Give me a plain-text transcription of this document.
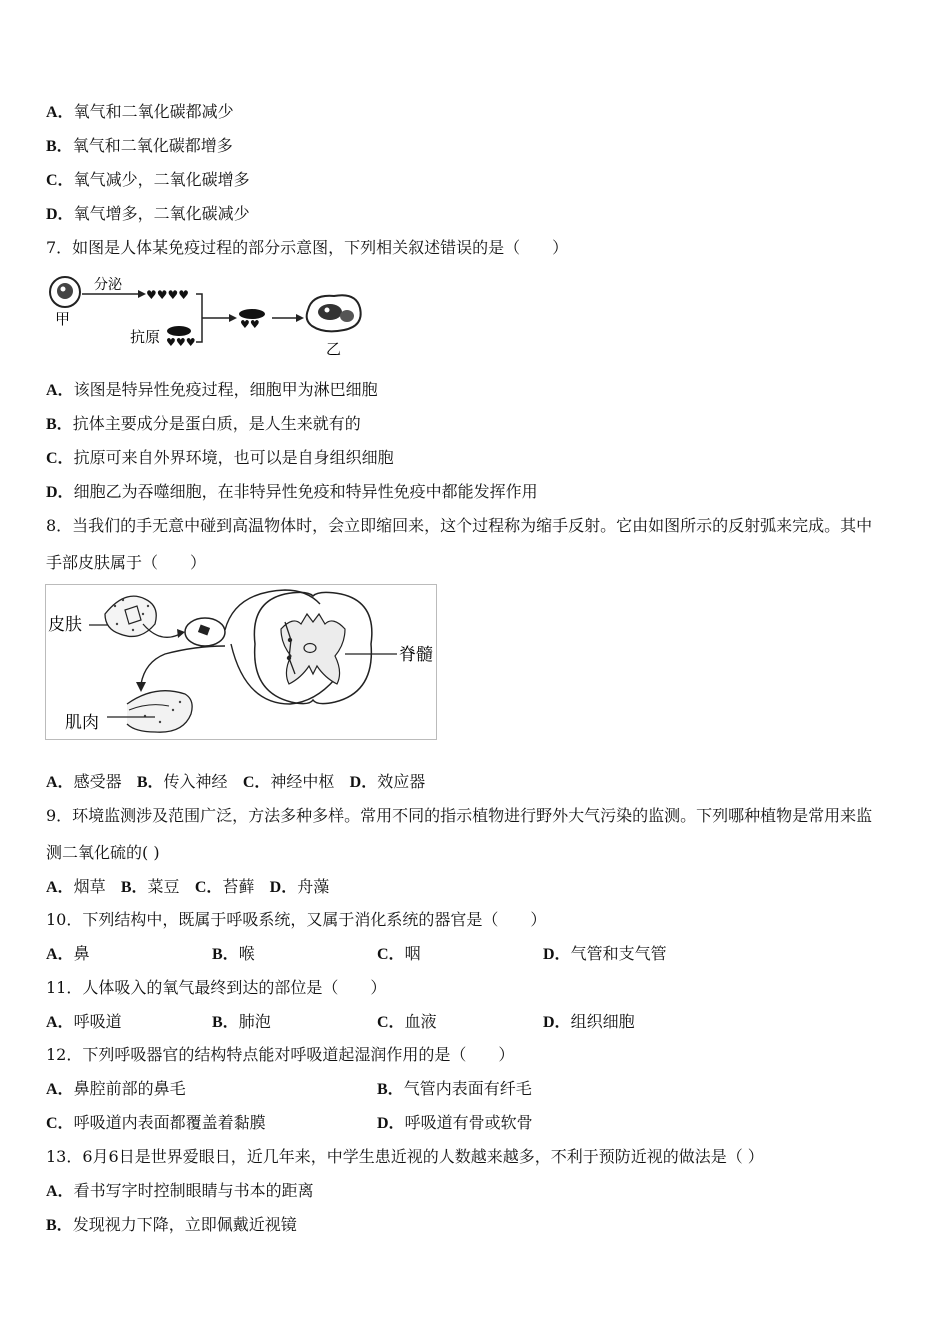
A．氧气和二氧化碳都减少
B．氧气和二氧化碳都增多
C．氧气减少，二氧化碳增多
D．氧气增多，二氧化碳减少
7．如图是人体某免疫过程的部分示意图，下列相关叙述错误的是（　　）
甲
分泌
♥♥♥♥
抗原 ♥♥♥
♥♥
乙
A．该图是特异性免疫过程，细胞甲为淋巴细胞
B．抗体主要成分是蛋白质，是人生来就有的
C．抗原可来自外界环境，也可以是自身组织细胞
D．细胞乙为吞噬细胞，在非特异性免疫和特异性免疫中都能发挥作用
8．当我们的手无意中碰到高温物体时，会立即缩回来，这个过程称为缩手反射。它由如图所示的反射弧来完成。其中
手部皮肤属于（　　）
皮肤
脊髓
肌肉
A．感受器 B．传入神经 C．神经中枢 D．效应器
9．环境监测涉及范围广泛，方法多种多样。常用不同的指示植物进行野外大气污染的监测。下列哪种植物是常用来监
测二氧化硫的( )
A．烟草 B．菜豆 C．苔藓 D．舟藻
10．下列结构中，既属于呼吸系统，又属于消化系统的器官是（　　）
A．鼻	B．喉	C．咽	D．气管和支气管
11．人体吸入的氧气最终到达的部位是（　　）
A．呼吸道	B．肺泡	C．血液	D．组织细胞
12．下列呼吸器官的结构特点能对呼吸道起湿润作用的是（　　）
A．鼻腔前部的鼻毛	B．气管内表面有纤毛
C．呼吸道内表面都覆盖着黏膜	D．呼吸道有骨或软骨
13．6月6日是世界爱眼日，近几年来，中学生患近视的人数越来越多，不利于预防近视的做法是（ ）
A．看书写字时控制眼睛与书本的距离
B．发现视力下降，立即佩戴近视镜
